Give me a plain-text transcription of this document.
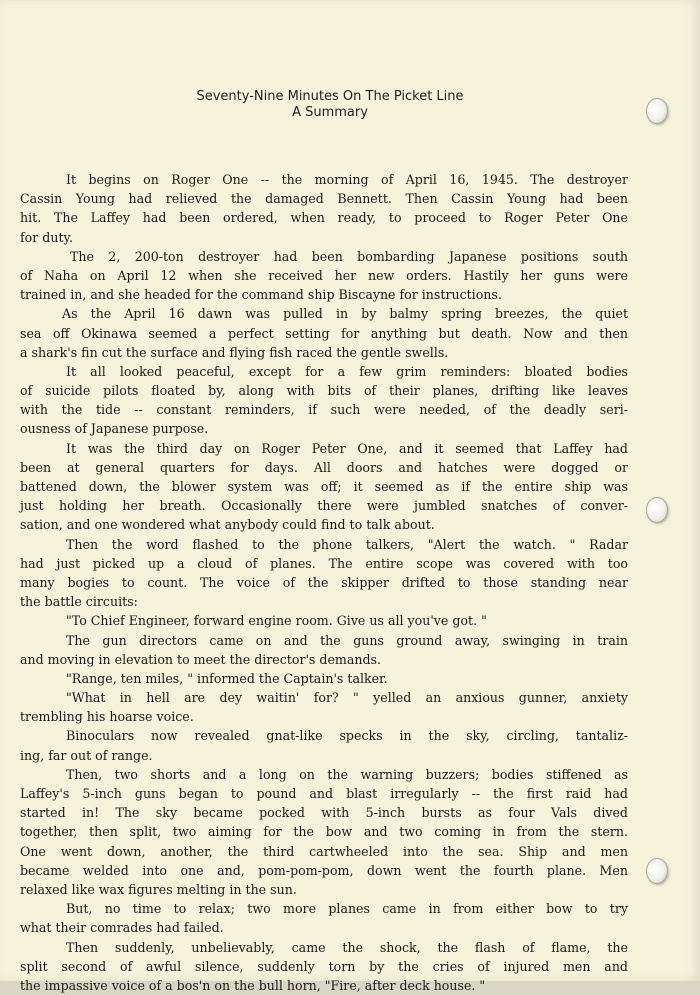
Seventy-Nine Minutes On The Picket Line
A Summary
It begins on Roger One -- the morning of April 16, 1945. The destroyer
Cassin Young had relieved the damaged Bennett. Then Cassin Young had been
hit. The Laffey had been ordered, when ready, to proceed to Roger Peter One
for duty.
The 2, 200-ton destroyer had been bombarding Japanese positions south
of Naha on April 12 when she received her new orders. Hastily her guns were
trained in, and she headed for the command ship Biscayne for instructions.
As the April 16 dawn was pulled in by balmy spring breezes, the quiet
sea off Okinawa seemed a perfect setting for anything but death. Now and then
a shark's fin cut the surface and flying fish raced the gentle swells.
It all looked peaceful, except for a few grim reminders: bloated bodies
of suicide pilots floated by, along with bits of their planes, drifting like leaves
with the tide -- constant reminders, if such were needed, of the deadly seri-
ousness of Japanese purpose.
It was the third day on Roger Peter One, and it seemed that Laffey had
been at general quarters for days. All doors and hatches were dogged or
battened down, the blower system was off; it seemed as if the entire ship was
just holding her breath. Occasionally there were jumbled snatches of conver-
sation, and one wondered what anybody could find to talk about.
Then the word flashed to the phone talkers, "Alert the watch. " Radar
had just picked up a cloud of planes. The entire scope was covered with too
many bogies to count. The voice of the skipper drifted to those standing near
the battle circuits:
"To Chief Engineer, forward engine room. Give us all you've got. "
The gun directors came on and the guns ground away, swinging in train
and moving in elevation to meet the director's demands.
"Range, ten miles, " informed the Captain's talker.
"What in hell are dey waitin' for? " yelled an anxious gunner, anxiety
trembling his hoarse voice.
Binoculars now revealed gnat-like specks in the sky, circling, tantaliz-
ing, far out of range.
Then, two shorts and a long on the warning buzzers; bodies stiffened as
Laffey's 5-inch guns began to pound and blast irregularly -- the first raid had
started in! The sky became pocked with 5-inch bursts as four Vals dived
together, then split, two aiming for the bow and two coming in from the stern.
One went down, another, the third cartwheeled into the sea. Ship and men
became welded into one and, pom-pom-pom, down went the fourth plane. Men
relaxed like wax figures melting in the sun.
But, no time to relax; two more planes came in from either bow to try
what their comrades had failed.
Then suddenly, unbelievably, came the shock, the flash of flame, the
split second of awful silence, suddenly torn by the cries of injured men and
the impassive voice of a bos'n on the bull horn, "Fire, after deck house. "
